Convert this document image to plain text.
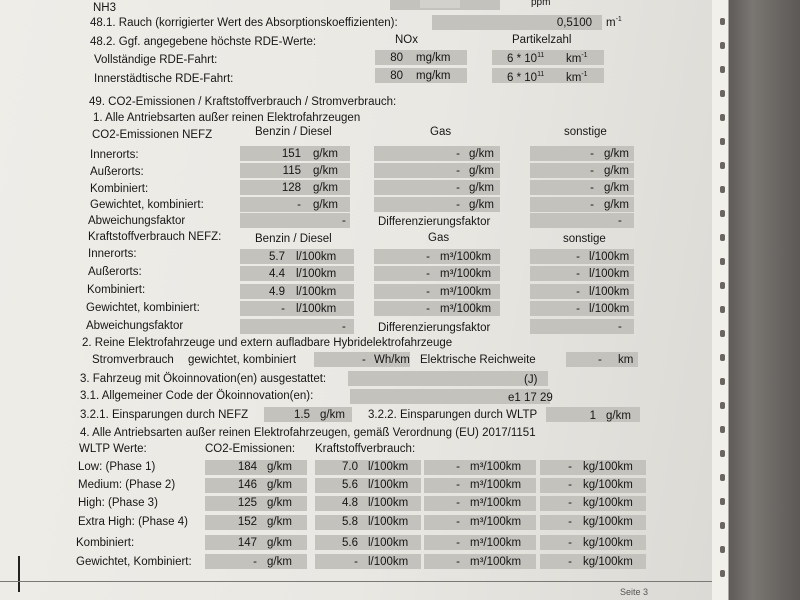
NH3	ppm
48.1. Rauch (korrigierter Wert des Absorptionskoeffizienten):	0,5100 $m^{-1}$
48.2. Ggf. angegebene höchste RDE-Werte:	NOx	Partikelzahl
Vollständige RDE-Fahrt:	80 mg/km	$6 * 10^{11}$ $km^{-1}$
Innerstädtische RDE-Fahrt:	80 mg/km	$6 * 10^{11}$ $km^{-1}$
49. CO2-Emissionen / Kraftstoffverbrauch / Stromverbrauch:
1. Alle Antriebsarten außer reinen Elektrofahrzeugen
CO2-Emissionen NEFZ	Benzin / Diesel	Gas	sonstige
Innerorts:	151 g/km	- g/km	- g/km
Außerorts:	115 g/km	- g/km	- g/km
Kombiniert:	128 g/km	- g/km	- g/km
Gewichtet, kombiniert:	- g/km	- g/km	- g/km
Abweichungsfaktor	-	Differenzierungsfaktor	-
Kraftstoffverbrauch NEFZ:	Benzin / Diesel	Gas	sonstige
Innerorts:	5.7 l/100km	- m³/100km	- l/100km
Außerorts:	4.4 l/100km	- m³/100km	- l/100km
Kombiniert:	4.9 l/100km	- m³/100km	- l/100km
Gewichtet, kombiniert:	- l/100km	- m³/100km	- l/100km
Abweichungsfaktor	-	Differenzierungsfaktor	-
2. Reine Elektrofahrzeuge und extern aufladbare Hybridelektrofahrzeuge
Stromverbrauch gewichtet, kombiniert	- Wh/km Elektrische Reichweite	- km
3. Fahrzeug mit Ökoinnovation(en) ausgestattet:	(J)
3.1. Allgemeiner Code der Ökoinnovation(en):	e1 17 29
3.2.1. Einsparungen durch NEFZ	1.5 g/km 3.2.2. Einsparungen durch WLTP	1 g/km
4. Alle Antriebsarten außer reinen Elektrofahrzeugen, gemäß Verordnung (EU) 2017/1151
WLTP Werte:	CO2-Emissionen: Kraftstoffverbrauch:
Low: (Phase 1)	184 g/km	7.0 l/100km	- m³/100km	- kg/100km
Medium: (Phase 2)	146 g/km	5.6 l/100km	- m³/100km	- kg/100km
High: (Phase 3)	125 g/km	4.8 l/100km	- m³/100km	- kg/100km
Extra High: (Phase 4)	152 g/km	5.8 l/100km	- m³/100km	- kg/100km
Kombiniert:	147 g/km	5.6 l/100km	- m³/100km	- kg/100km
Gewichtet, Kombiniert:	- g/km	- l/100km	- m³/100km	- kg/100km
Seite 3
